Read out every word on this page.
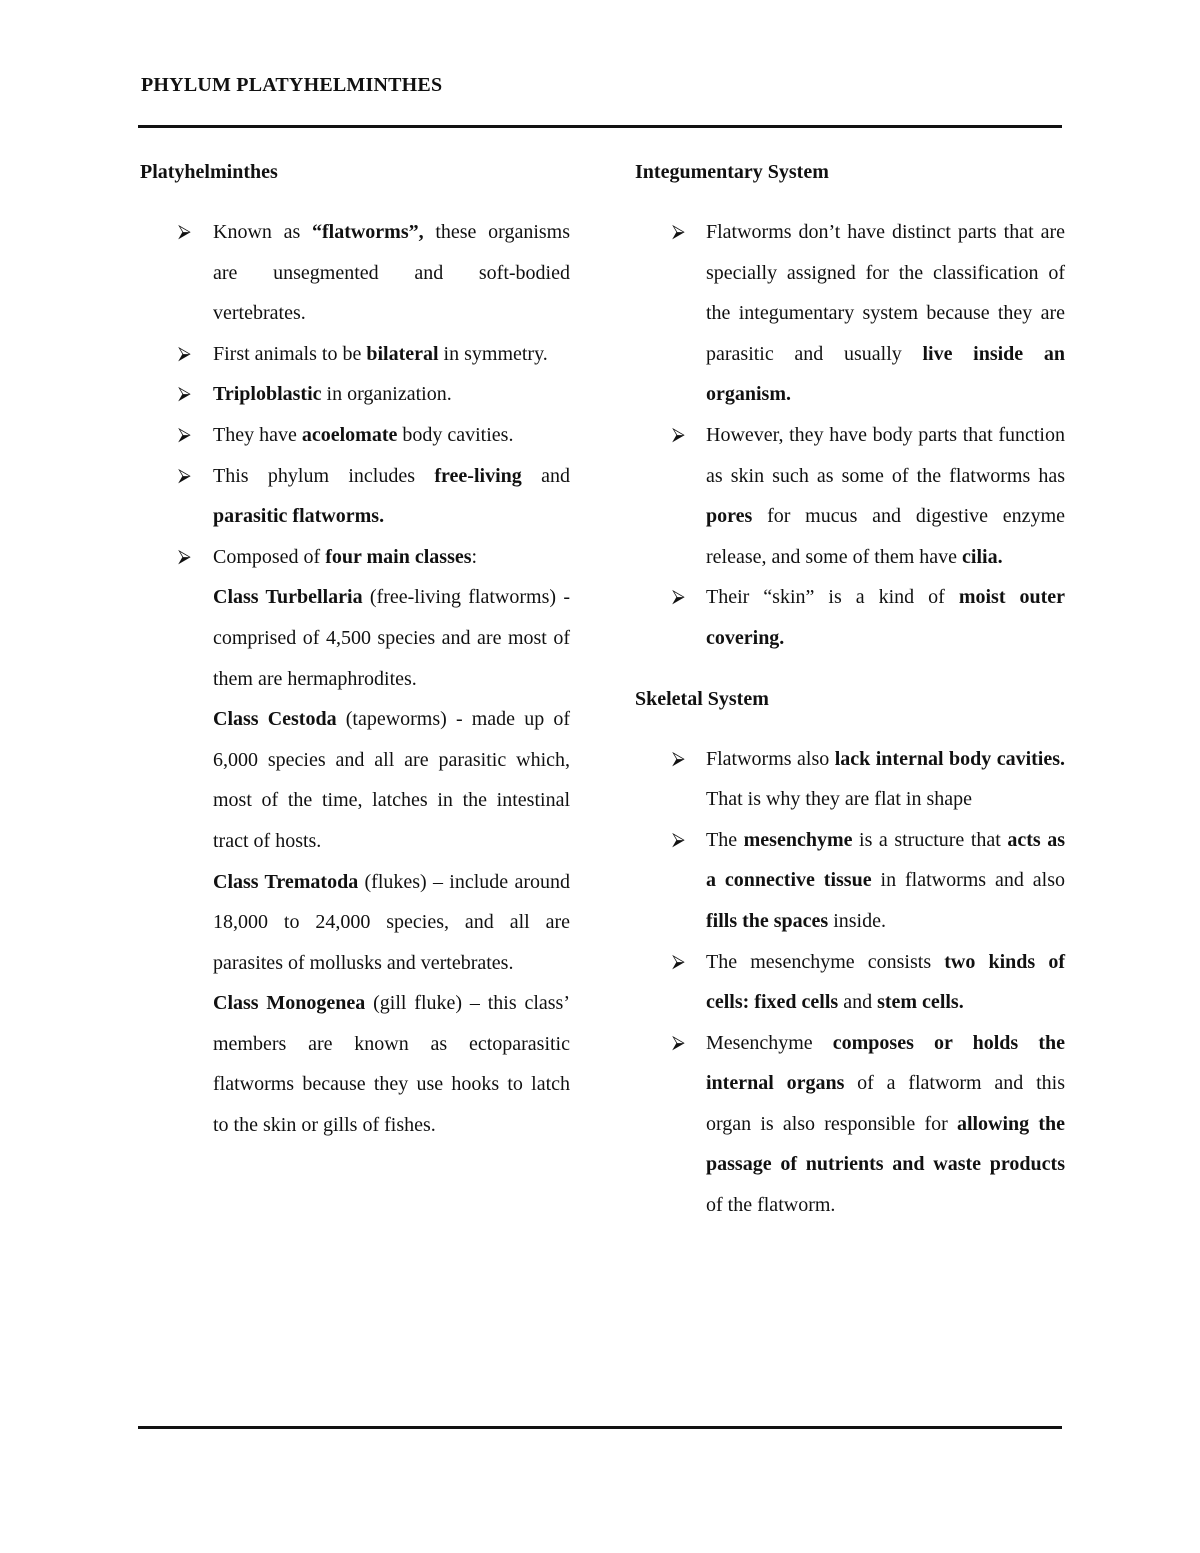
PHYLUM PLATYHELMINTHES
Platyhelminthes
⮚ Known as “flatworms”, these organisms are unsegmented and soft-bodied vertebrates.
⮚ First animals to be bilateral in symmetry.
⮚ Triploblastic in organization.
⮚ They have acoelomate body cavities.
⮚ This phylum includes free-living and parasitic flatworms.
⮚ Composed of four main classes:
Class Turbellaria (free-living flatworms) - comprised of 4,500 species and are most of them are hermaphrodites.
Class Cestoda (tapeworms) - made up of 6,000 species and all are parasitic which, most of the time, latches in the intestinal tract of hosts.
Class Trematoda (flukes) – include around 18,000 to 24,000 species, and all are parasites of mollusks and vertebrates.
Class Monogenea (gill fluke) – this class’ members are known as ectoparasitic flatworms because they use hooks to latch to the skin or gills of fishes.
Integumentary System
⮚ Flatworms don’t have distinct parts that are specially assigned for the classification of the integumentary system because they are parasitic and usually live inside an organism.
⮚ However, they have body parts that function as skin such as some of the flatworms has pores for mucus and digestive enzyme release, and some of them have cilia.
⮚ Their “skin” is a kind of moist outer covering.
Skeletal System
⮚ Flatworms also lack internal body cavities. That is why they are flat in shape
⮚ The mesenchyme is a structure that acts as a connective tissue in flatworms and also fills the spaces inside.
⮚ The mesenchyme consists two kinds of cells: fixed cells and stem cells.
⮚ Mesenchyme composes or holds the internal organs of a flatworm and this organ is also responsible for allowing the passage of nutrients and waste products of the flatworm.
